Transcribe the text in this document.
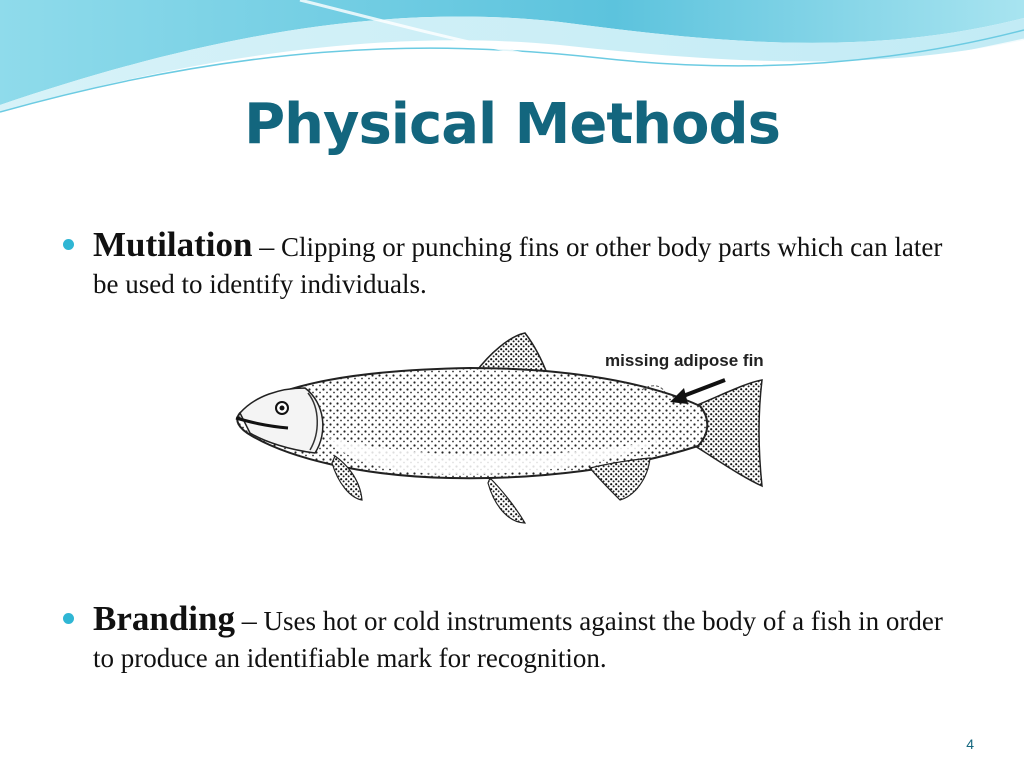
Physical Methods
Mutilation – Clipping or punching fins or other body parts which can later be used to identify individuals.
missing adipose fin
Branding – Uses hot or cold instruments against the body of a fish in order to produce an identifiable mark for recognition.
4
